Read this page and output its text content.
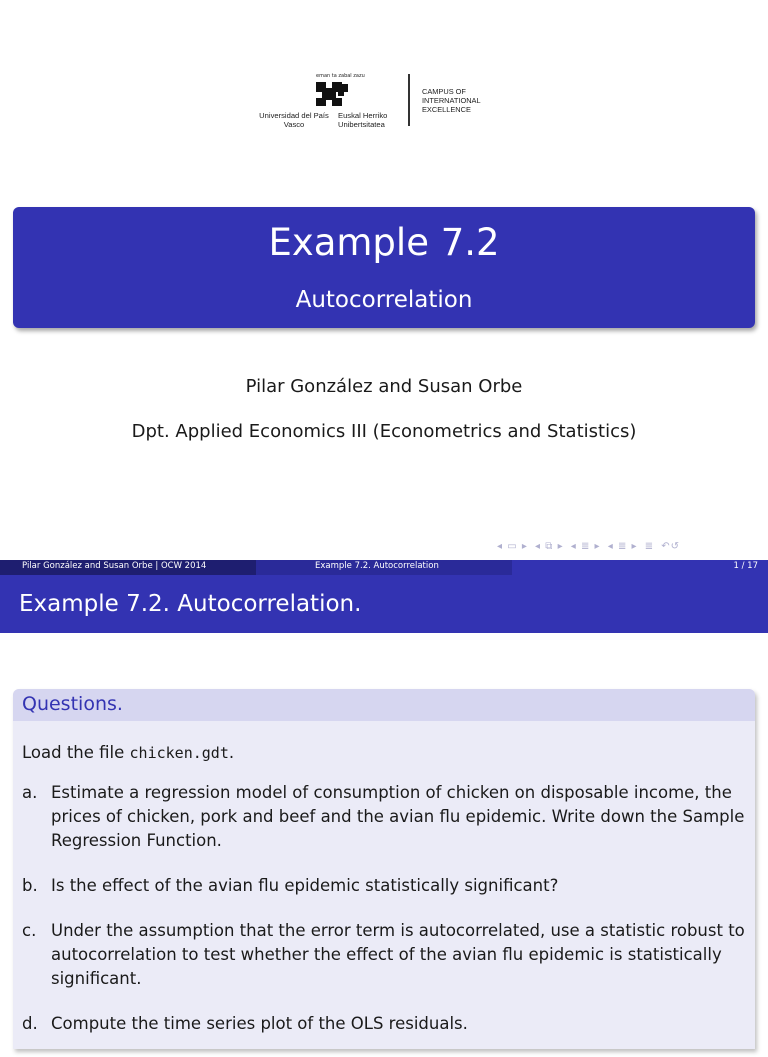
eman ta zabal zazu
Universidad del País Vasco
Euskal Herriko Unibertsitatea
CAMPUS OF INTERNATIONAL EXCELLENCE
Example 7.2
Autocorrelation
Pilar González and Susan Orbe
Dpt. Applied Economics III (Econometrics and Statistics)
◂ ▭ ▸ ◂ ⧉ ▸ ◂ ≣ ▸ ◂ ≣ ▸ ≣ ↶↺
Pilar González and Susan Orbe | OCW 2014	Example 7.2. Autocorrelation	1 / 17
Example 7.2. Autocorrelation.
Questions.
Load the file chicken.gdt.
a. Estimate a regression model of consumption of chicken on disposable income, the prices of chicken, pork and beef and the avian flu epidemic. Write down the Sample Regression Function.
b. Is the effect of the avian flu epidemic statistically significant?
c. Under the assumption that the error term is autocorrelated, use a statistic robust to autocorrelation to test whether the effect of the avian flu epidemic is statistically significant.
d. Compute the time series plot of the OLS residuals.
